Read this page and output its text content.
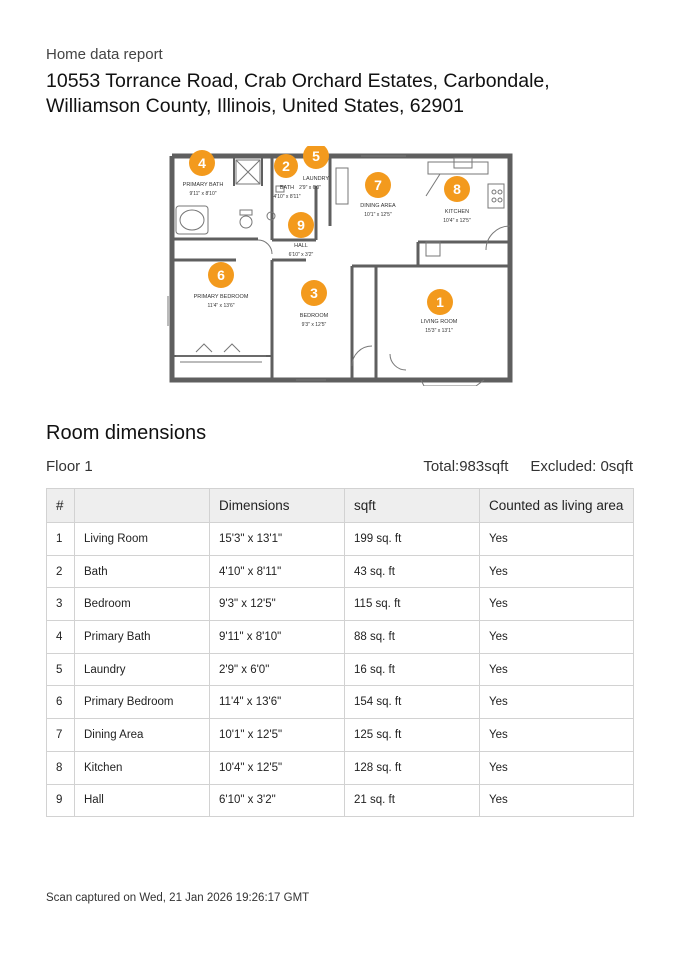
Home data report
10553 Torrance Road, Crab Orchard Estates, Carbondale, Williamson County, Illinois, United States, 62901
LIVING ROOM
15'3" x 13'1"
BATH
4'10" x 8'11"
BEDROOM
9'3" x 12'5"
PRIMARY BATH
9'11" x 8'10"
LAUNDRY
2'9" x 6'0"
PRIMARY BEDROOM
11'4" x 13'6"
DINING AREA
10'1" x 12'5"	KITCHEN
10'4" x 12'5"
HALL
6'10" x 3'2"
1
2
3
4	5
6
7	8
9
Room dimensions
Floor 1	Total:983sqft Excluded: 0sqft
#		Dimensions	sqft	Counted as living area
1	Living Room	15'3" x 13'1"	199 sq. ft	Yes
2	Bath	4'10" x 8'11"	43 sq. ft	Yes
3	Bedroom	9'3" x 12'5"	115 sq. ft	Yes
4	Primary Bath	9'11" x 8'10"	88 sq. ft	Yes
5	Laundry	2'9" x 6'0"	16 sq. ft	Yes
6	Primary Bedroom	11'4" x 13'6"	154 sq. ft	Yes
7	Dining Area	10'1" x 12'5"	125 sq. ft	Yes
8	Kitchen	10'4" x 12'5"	128 sq. ft	Yes
9	Hall	6'10" x 3'2"	21 sq. ft	Yes
Scan captured on Wed, 21 Jan 2026 19:26:17 GMT
